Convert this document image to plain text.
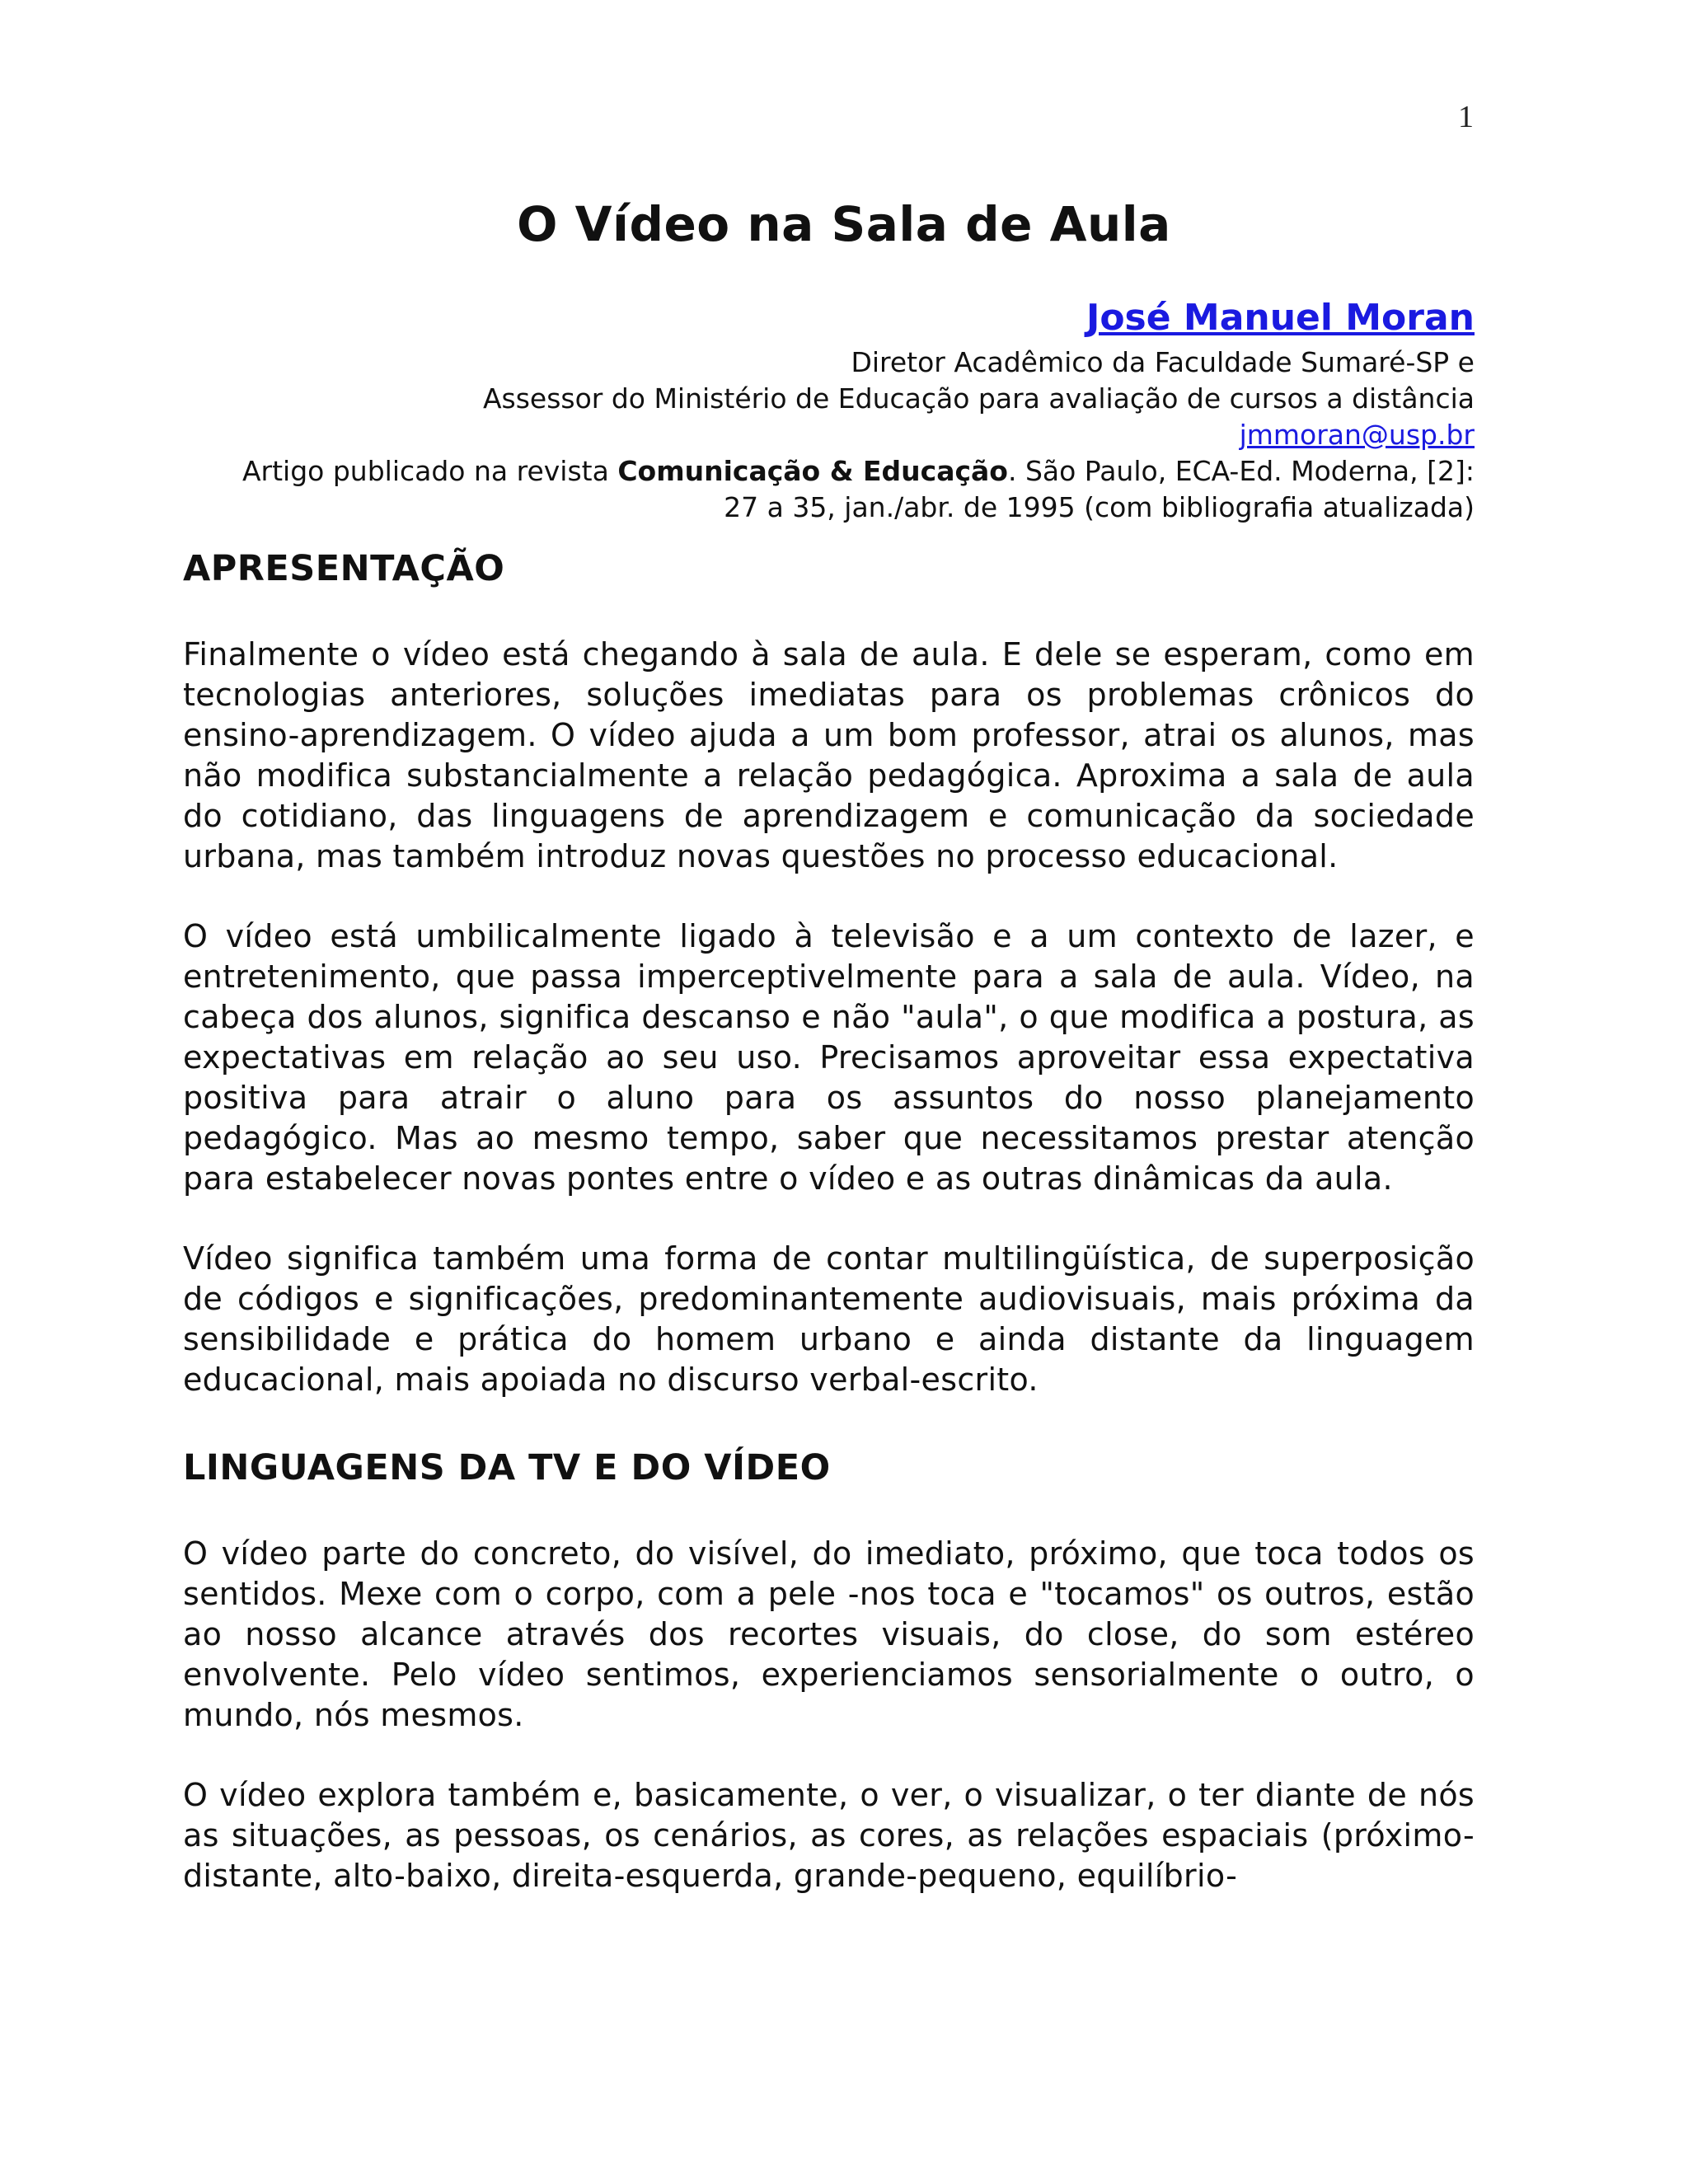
1
O Vídeo na Sala de Aula
José Manuel Moran
Diretor Acadêmico da Faculdade Sumaré-SP e
Assessor do Ministério de Educação para avaliação de cursos a distância
jmmoran@usp.br
Artigo publicado na revista Comunicação & Educação. São Paulo, ECA-Ed. Moderna, [2]:
27 a 35, jan./abr. de 1995 (com bibliografia atualizada)
APRESENTAÇÃO

Finalmente o vídeo está chegando à sala de aula. E dele se esperam, como em tecnologias anteriores, soluções imediatas para os problemas crônicos do ensino-aprendizagem. O vídeo ajuda a um bom professor, atrai os alunos, mas não modifica substancialmente a relação pedagógica. Aproxima a sala de aula do cotidiano, das linguagens de aprendizagem e comunicação da sociedade urbana, mas também introduz novas questões no processo educacional.

O vídeo está umbilicalmente ligado à televisão e a um contexto de lazer, e entretenimento, que passa imperceptivelmente para a sala de aula. Vídeo, na cabeça dos alunos, significa descanso e não "aula", o que modifica a postura, as expectativas em relação ao seu uso. Precisamos aproveitar essa expectativa positiva para atrair o aluno para os assuntos do nosso planejamento pedagógico. Mas ao mesmo tempo, saber que necessitamos prestar atenção para estabelecer novas pontes entre o vídeo e as outras dinâmicas da aula.

Vídeo significa também uma forma de contar multilingüística, de superposição de códigos e significações, predominantemente audiovisuais, mais próxima da sensibilidade e prática do homem urbano e ainda distante da linguagem educacional, mais apoiada no discurso verbal-escrito.

LINGUAGENS DA TV E DO VÍDEO

O vídeo parte do concreto, do visível, do imediato, próximo, que toca todos os sentidos. Mexe com o corpo, com a pele -nos toca e "tocamos" os outros, estão ao nosso alcance através dos recortes visuais, do close, do som estéreo envolvente. Pelo vídeo sentimos, experienciamos sensorialmente o outro, o mundo, nós mesmos.

O vídeo explora também e, basicamente, o ver, o visualizar, o ter diante de nós as situações, as pessoas, os cenários, as cores, as relações espaciais (próximo-distante, alto-baixo, direita-esquerda, grande-pequeno, equilíbrio-
